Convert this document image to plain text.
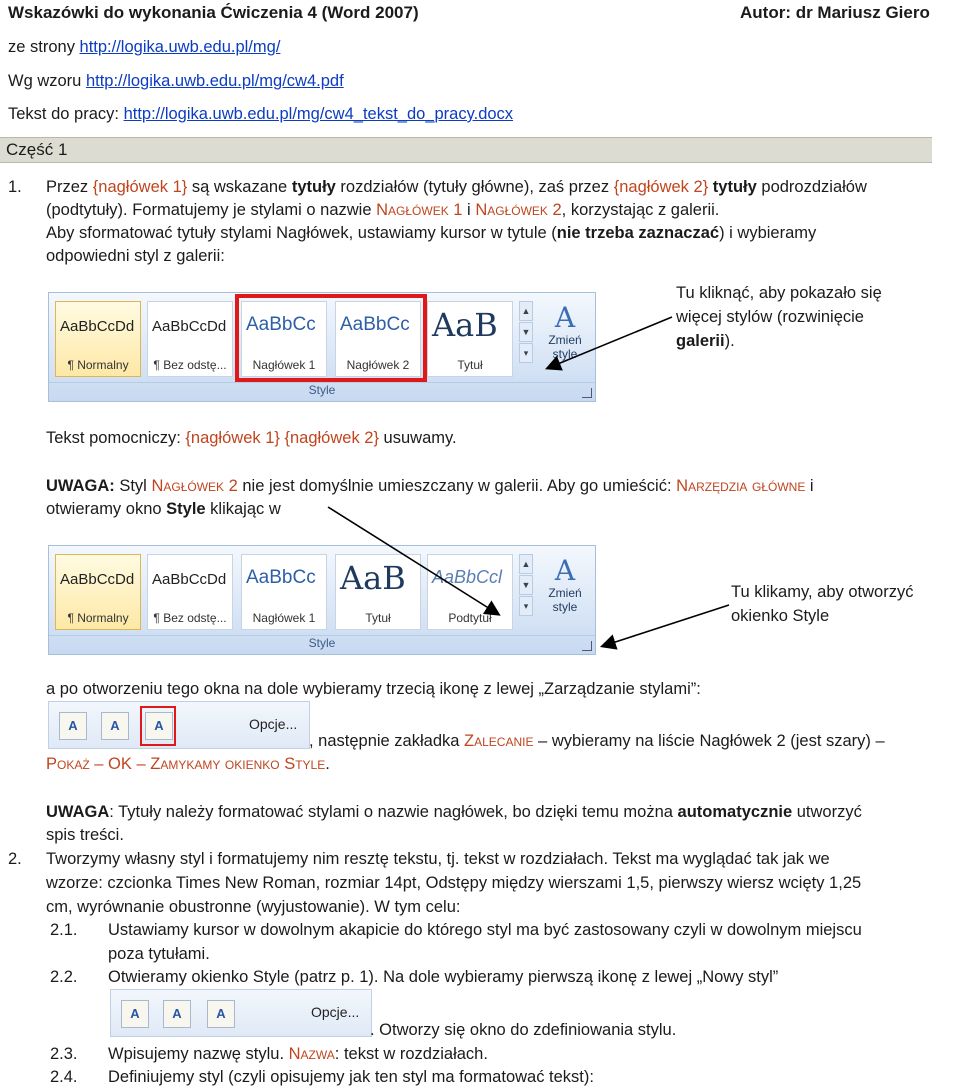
Wskazówki do wykonania Ćwiczenia 4 (Word 2007)	Autor: dr Mariusz Giero
ze strony http://logika.uwb.edu.pl/mg/
Wg wzoru http://logika.uwb.edu.pl/mg/cw4.pdf
Tekst do pracy: http://logika.uwb.edu.pl/mg/cw4_tekst_do_pracy.docx
Część 1
1. Przez {nagłówek 1} są wskazane tytuły rozdziałów (tytuły główne), zaś przez {nagłówek 2} tytuły podrozdziałów
(podtytuły). Formatujemy je stylami o nazwie Nagłówek 1 i Nagłówek 2, korzystając z galerii.
Aby sformatować tytuły stylami Nagłówek, ustawiamy kursor w tytule (nie trzeba zaznaczać) i wybieramy
odpowiedni styl z galerii:
AaBbCcDd
¶ Normalny
AaBbCcDd
¶ Bez odstę...
AaBbCc
Nagłówek 1
AaBbCc
Nagłówek 2
AaB
Tytuł
▲
▼
▾
A
Zmień style
Style
Tu kliknąć, aby pokazało się
więcej stylów (rozwinięcie
galerii).
Tekst pomocniczy: {nagłówek 1} {nagłówek 2} usuwamy.
UWAGA: Styl Nagłówek 2 nie jest domyślnie umieszczany w galerii. Aby go umieścić: Narzędzia główne i
otwieramy okno Style klikając w
AaBbCcDd
¶ Normalny
AaBbCcDd
¶ Bez odstę...
AaBbCc
Nagłówek 1
AaB
Tytuł
AaBbCcl
Podtytuł
▲
▼
▾
A
Zmień style
Style
Tu klikamy, aby otworzyć
okienko Style
a po otworzeniu tego okna na dole wybieramy trzecią ikonę z lewej „Zarządzanie stylami”:
A	A	A	Opcje...
, następnie zakładka Zalecanie – wybieramy na liście Nagłówek 2 (jest szary) –
Pokaż – OK – Zamykamy okienko Style.
UWAGA: Tytuły należy formatować stylami o nazwie nagłówek, bo dzięki temu można automatycznie utworzyć
spis treści.
2. Tworzymy własny styl i formatujemy nim resztę tekstu, tj. tekst w rozdziałach. Tekst ma wyglądać tak jak we
wzorze: czcionka Times New Roman, rozmiar 14pt, Odstępy między wierszami 1,5, pierwszy wiersz wcięty 1,25
cm, wyrównanie obustronne (wyjustowanie). W tym celu:
2.1. Ustawiamy kursor w dowolnym akapicie do którego styl ma być zastosowany czyli w dowolnym miejscu
poza tytułami.
2.2. Otwieramy okienko Style (patrz p. 1). Na dole wybieramy pierwszą ikonę z lewej „Nowy styl”
A	A	A	Opcje...
. Otworzy się okno do zdefiniowania stylu.
2.3. Wpisujemy nazwę stylu. Nazwa: tekst w rozdziałach.
2.4. Definiujemy styl (czyli opisujemy jak ten styl ma formatować tekst):
